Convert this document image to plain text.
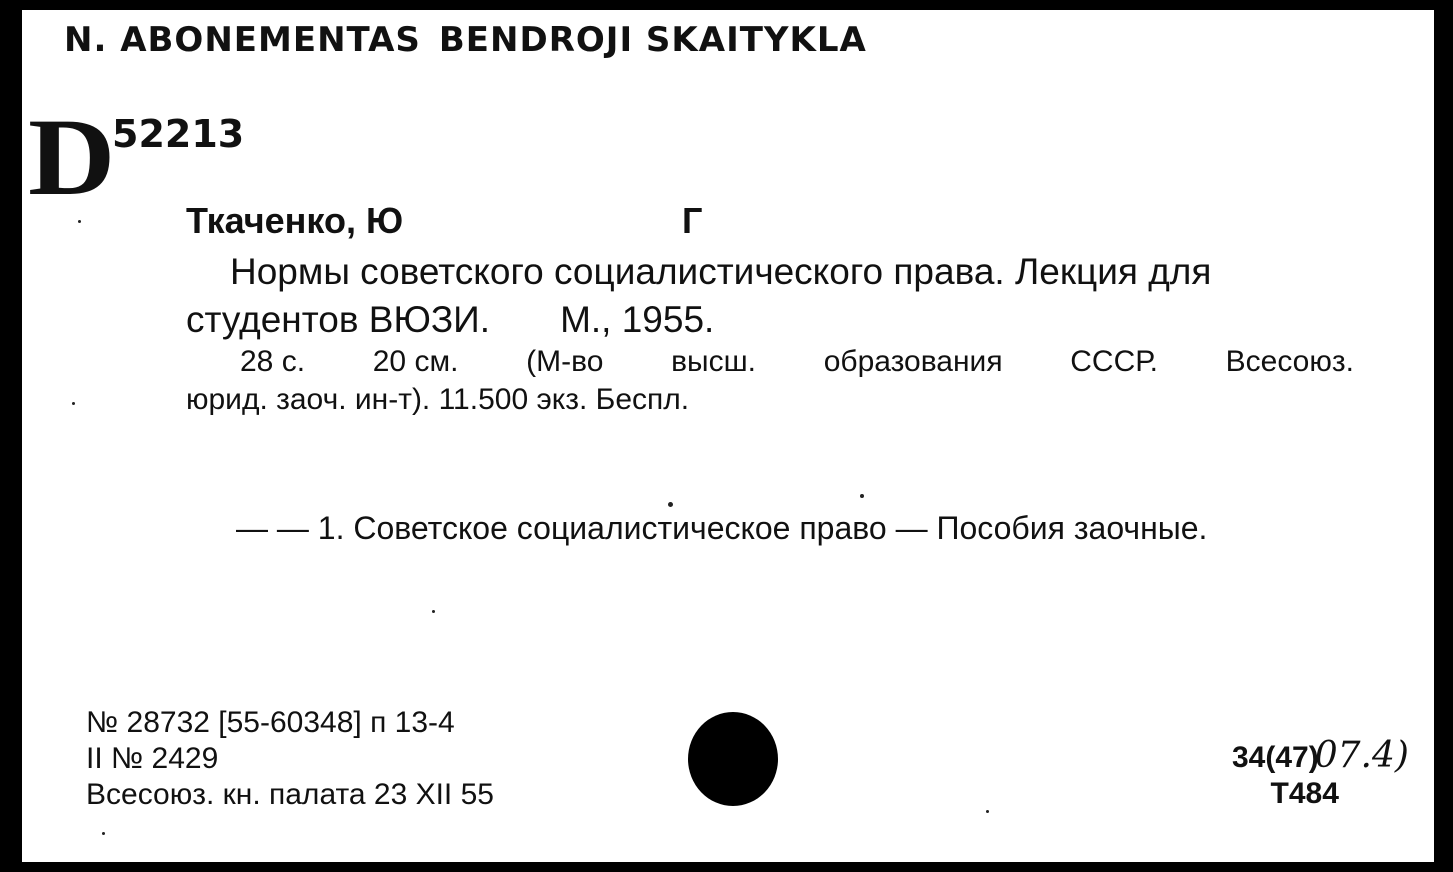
N. ABONEMENTAS BENDROJI SKAITYKLA
D
52213
Ткаченко, Ю	Г
Нормы советского социалистического права. Лекция для
студентов ВЮЗИ. М., 1955.
28 с. 20 см. (М-во высш. образования СССР. Всесоюз.
юрид. заоч. ин-т). 11.500 экз. Беспл.
— — 1. Советское социалистическое право — Пособия заочные.
№ 28732 [55-60348] п 13-4
II № 2429
Всесоюз. кн. палата 23 XII 55
34(47)07.4)
Т484
